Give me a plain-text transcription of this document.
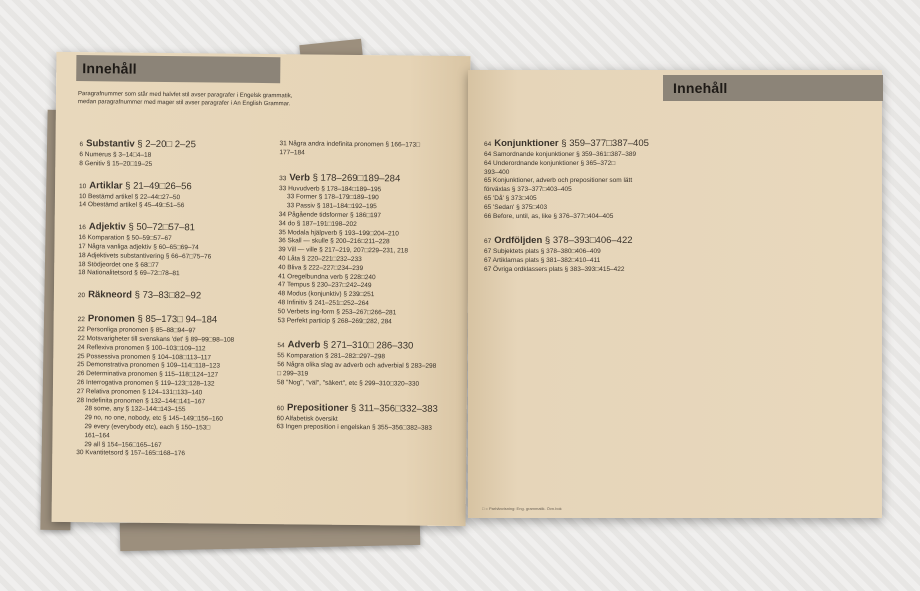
Innehåll
Paragrafnummer som står med halvfet stil avser paragrafer i Engelsk grammatik,
medan paragrafnummer med mager stil avser paragrafer i An English Grammar.
6 Substantiv § 2–20□ 2–25
6 Numerus § 3–14□4–18
8 Genitiv § 15–20□19–25
10 Artiklar § 21–49□26–56
10 Bestämd artikel § 22–44□27–50
14 Obestämd artikel § 45–49□51–56
16 Adjektiv § 50–72□57–81
16 Komparation § 50–59□57–67
17 Några vanliga adjektiv § 60–65□69–74
18 Adjektivets substantivering § 66–67□75–76
18 Stödjeordet one § 68□77
18 Nationalitetsord § 69–72□78–81
20 Räkneord § 73–83□82–92
22 Pronomen § 85–173□ 94–184
22 Personliga pronomen § 85–88□94–97
22 Motsvarigheter till svenskans 'det' § 89–99□98–108
24 Reflexiva pronomen § 100–103□109–112
25 Possessiva pronomen § 104–108□113–117
25 Demonstrativa pronomen § 109–114□118–123
26 Determinativa pronomen § 115–118□124–127
26 Interrogativa pronomen § 119–123□128–132
27 Relativa pronomen § 124–131□133–140
28 Indefinita pronomen § 132–144□141–167
28 some, any § 132–144□143–155
29 no, no one, nobody, etc § 145–149□156–160
29 every (everybody etc), each § 150–153□
161–164
29 all § 154–156□165–167
30 Kvantitetsord § 157–165□168–176
31 Några andra indefinita pronomen § 166–173□
177–184
33 Verb § 178–269□189–284
33 Huvudverb § 178–184□189–195
33 Former § 178–179□189–190
33 Passiv § 181–184□192–195
34 Pågående tidsformer § 186□197
34 do § 187–191□198–202
35 Modala hjälpverb § 193–199□204–210
36 Skall — skulle § 200–216□211–228
39 Vill — ville § 217–219, 207□229–231, 218
40 Låta § 220–221□232–233
40 Bliva § 222–227□234–239
41 Oregelbundna verb § 228□240
47 Tempus § 230–237□242–249
48 Modus (konjunktiv) § 239□251
48 Infinitiv § 241–251□252–264
50 Verbets ing-form § 253–267□266–281
53 Perfekt particip § 268–269□282, 284
54 Adverb § 271–310□ 286–330
55 Komparation § 281–282□297–298
56 Några olika slag av adverb och adverbial § 283–298
□ 299–319
58 "Nog", "väl", "säkert", etc § 299–310□320–330
60 Prepositioner § 311–356□332–383
60 Alfabetisk översikt
63 Ingen preposition i engelskan § 355–356□382–383
Innehåll
64 Konjunktioner § 359–377□387–405
64 Samordnande konjunktioner § 359–361□387–389
64 Underordnande konjunktioner § 365–372□
393–400
65 Konjunktioner, adverb och prepositioner som lätt
förväxlas § 373–377□403–405
65 'Då' § 373□405
65 'Sedan' § 375□403
66 Before, until, as, like § 376–377□404–405
67 Ordföljden § 378–393□406–422
67 Subjektets plats § 378–380□406–409
67 Artiklarnas plats § 381–382□410–411
67 Övriga ordklassers plats § 383–393□415–422
□ = Parhänvisning: Eng. grammatik. Övn.bok
